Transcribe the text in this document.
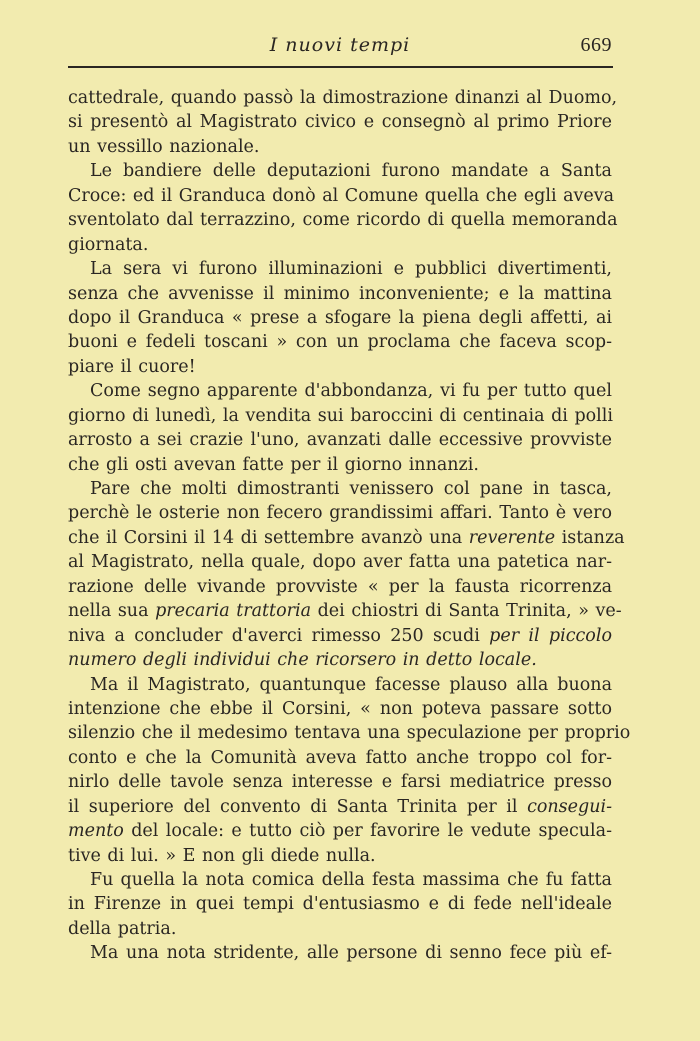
I nuovi tempi	669
cattedrale, quando passò la dimostrazione dinanzi al Duomo,
si presentò al Magistrato civico e consegnò al primo Priore
un vessillo nazionale.
Le bandiere delle deputazioni furono mandate a Santa
Croce: ed il Granduca donò al Comune quella che egli aveva
sventolato dal terrazzino, come ricordo di quella memoranda
giornata.
La sera vi furono illuminazioni e pubblici divertimenti,
senza che avvenisse il minimo inconveniente; e la mattina
dopo il Granduca « prese a sfogare la piena degli affetti, ai
buoni e fedeli toscani » con un proclama che faceva scop-
piare il cuore!
Come segno apparente d'abbondanza, vi fu per tutto quel
giorno di lunedì, la vendita sui baroccini di centinaia di polli
arrosto a sei crazie l'uno, avanzati dalle eccessive provviste
che gli osti avevan fatte per il giorno innanzi.
Pare che molti dimostranti venissero col pane in tasca,
perchè le osterie non fecero grandissimi affari. Tanto è vero
che il Corsini il 14 di settembre avanzò una reverente istanza
al Magistrato, nella quale, dopo aver fatta una patetica nar-
razione delle vivande provviste « per la fausta ricorrenza
nella sua precaria trattoria dei chiostri di Santa Trinita, » ve-
niva a concluder d'averci rimesso 250 scudi per il piccolo
numero degli individui che ricorsero in detto locale.
Ma il Magistrato, quantunque facesse plauso alla buona
intenzione che ebbe il Corsini, « non poteva passare sotto
silenzio che il medesimo tentava una speculazione per proprio
conto e che la Comunità aveva fatto anche troppo col for-
nirlo delle tavole senza interesse e farsi mediatrice presso
il superiore del convento di Santa Trinita per il consegui-
mento del locale: e tutto ciò per favorire le vedute specula-
tive di lui. » E non gli diede nulla.
Fu quella la nota comica della festa massima che fu fatta
in Firenze in quei tempi d'entusiasmo e di fede nell'ideale
della patria.
Ma una nota stridente, alle persone di senno fece più ef-
